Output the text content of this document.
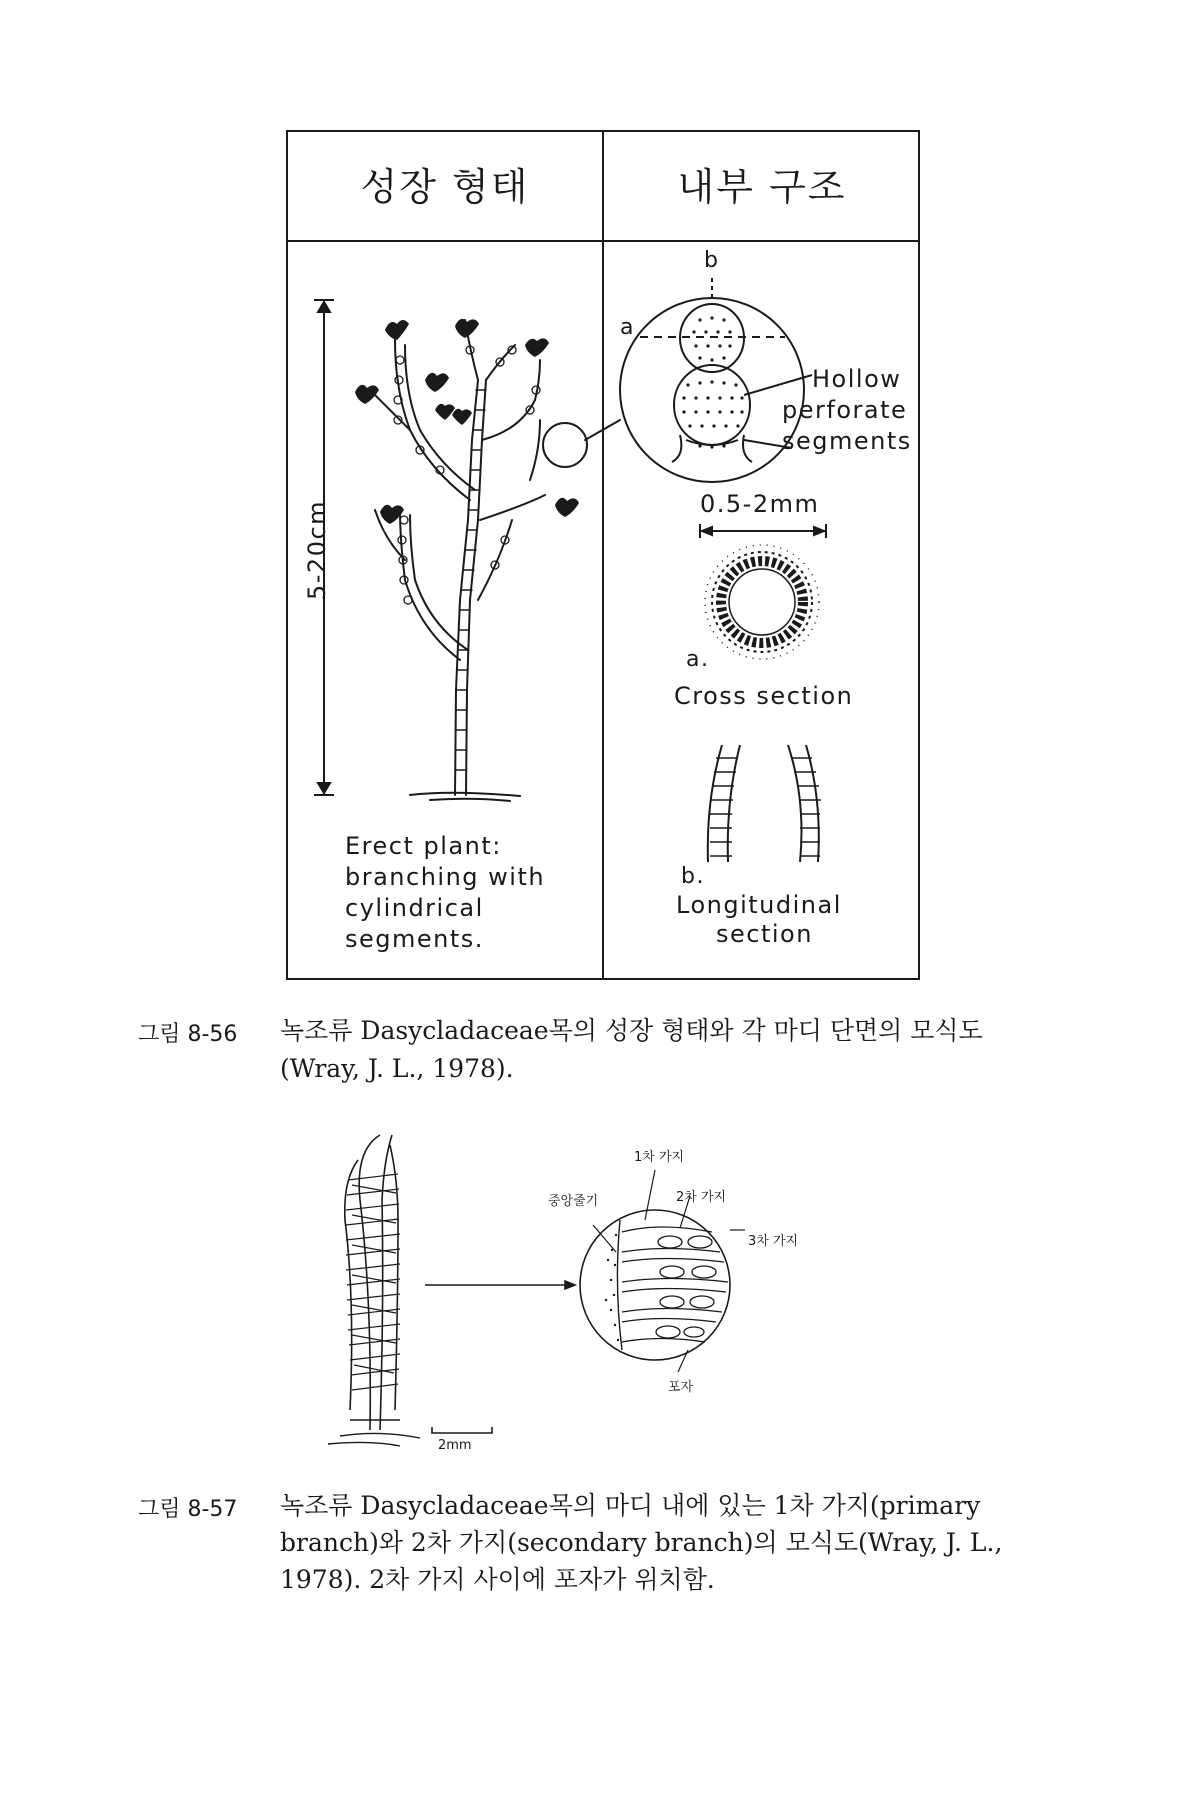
성장 형태	내부 구조
5-20cm
b
a
Hollow
perforate
segments
0.5-2mm
a.
Cross section
b.
Longitudinal
section
Erect plant:
branching with
cylindrical
segments.
그림 8-56 녹조류 Dasycladaceae목의 성장 형태와 각 마디 단면의 모식도
(Wray, J. L., 1978).
1차 가지
중앙줄기	2차 가지
3차 가지
포자
2mm
그림 8-57 녹조류 Dasycladaceae목의 마디 내에 있는 1차 가지(primary
branch)와 2차 가지(secondary branch)의 모식도(Wray, J. L.,
1978). 2차 가지 사이에 포자가 위치함.
